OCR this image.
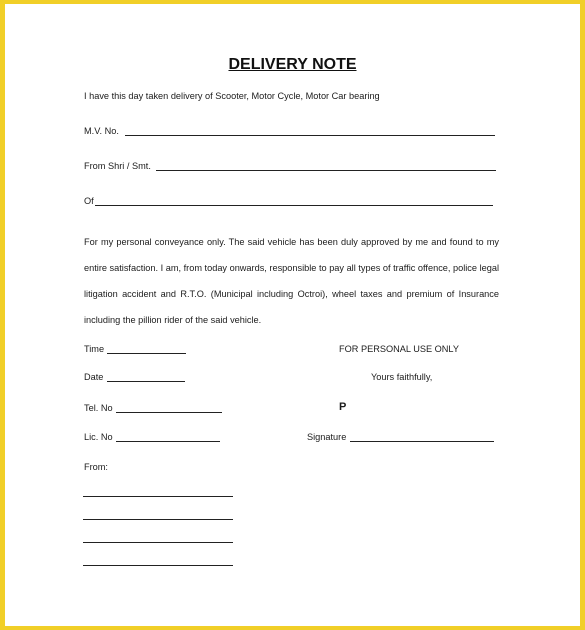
DELIVERY NOTE
I have this day taken delivery of Scooter, Motor Cycle, Motor Car bearing
M.V. No.
From Shri / Smt.
Of
For my personal conveyance only. The said vehicle has been duly approved by me and found to my entire satisfaction. I am, from today onwards, responsible to pay all types of traffic offence, police legal litigation accident and R.T.O. (Municipal including Octroi), wheel taxes and premium of Insurance including the pillion rider of the said vehicle.
Time
Date
Tel. No
Lic. No
From:
FOR PERSONAL USE ONLY
Yours faithfully,
P
Signature
